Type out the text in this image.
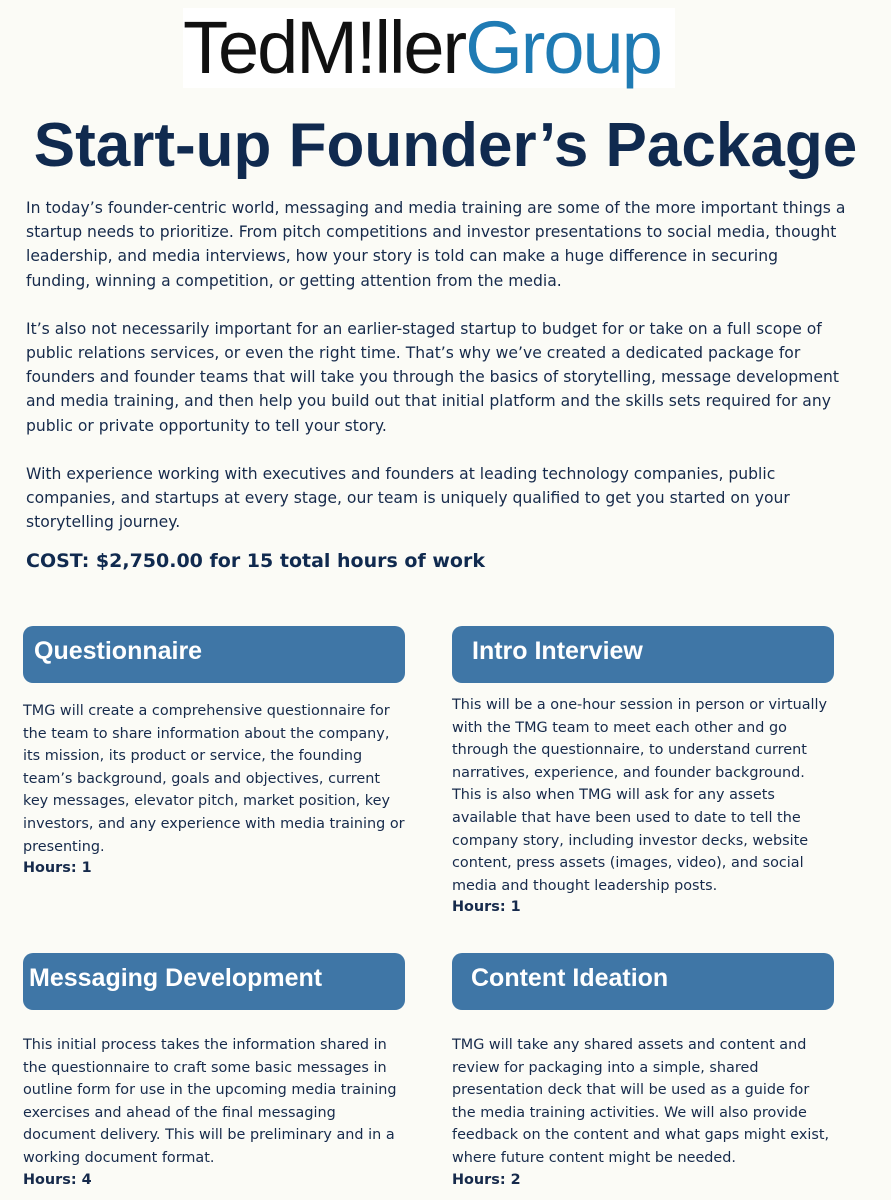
TedM!llerGroup
Start-up Founder’s Package

In today’s founder-centric world, messaging and media training are some of the more important things a startup needs to prioritize. From pitch competitions and investor presentations to social media, thought leadership, and media interviews, how your story is told can make a huge difference in securing funding, winning a competition, or getting attention from the media.

It’s also not necessarily important for an earlier-staged startup to budget for or take on a full scope of public relations services, or even the right time. That’s why we’ve created a dedicated package for founders and founder teams that will take you through the basics of storytelling, message development and media training, and then help you build out that initial platform and the skills sets required for any public or private opportunity to tell your story.

With experience working with executives and founders at leading technology companies, public companies, and startups at every stage, our team is uniquely qualified to get you started on your storytelling journey.

COST: $2,750.00 for 15 total hours of work
Questionnaire
TMG will create a comprehensive questionnaire for the team to share information about the company, its mission, its product or service, the founding team’s background, goals and objectives, current key messages, elevator pitch, market position, key investors, and any experience with media training or presenting.
Hours: 1
Intro Interview
This will be a one-hour session in person or virtually with the TMG team to meet each other and go through the questionnaire, to understand current narratives, experience, and founder background. This is also when TMG will ask for any assets available that have been used to date to tell the company story, including investor decks, website content, press assets (images, video), and social media and thought leadership posts.
Hours: 1
Messaging Development
This initial process takes the information shared in the questionnaire to craft some basic messages in outline form for use in the upcoming media training exercises and ahead of the final messaging document delivery. This will be preliminary and in a working document format.
Hours: 4
Content Ideation
TMG will take any shared assets and content and review for packaging into a simple, shared presentation deck that will be used as a guide for the media training activities. We will also provide feedback on the content and what gaps might exist, where future content might be needed.
Hours: 2
